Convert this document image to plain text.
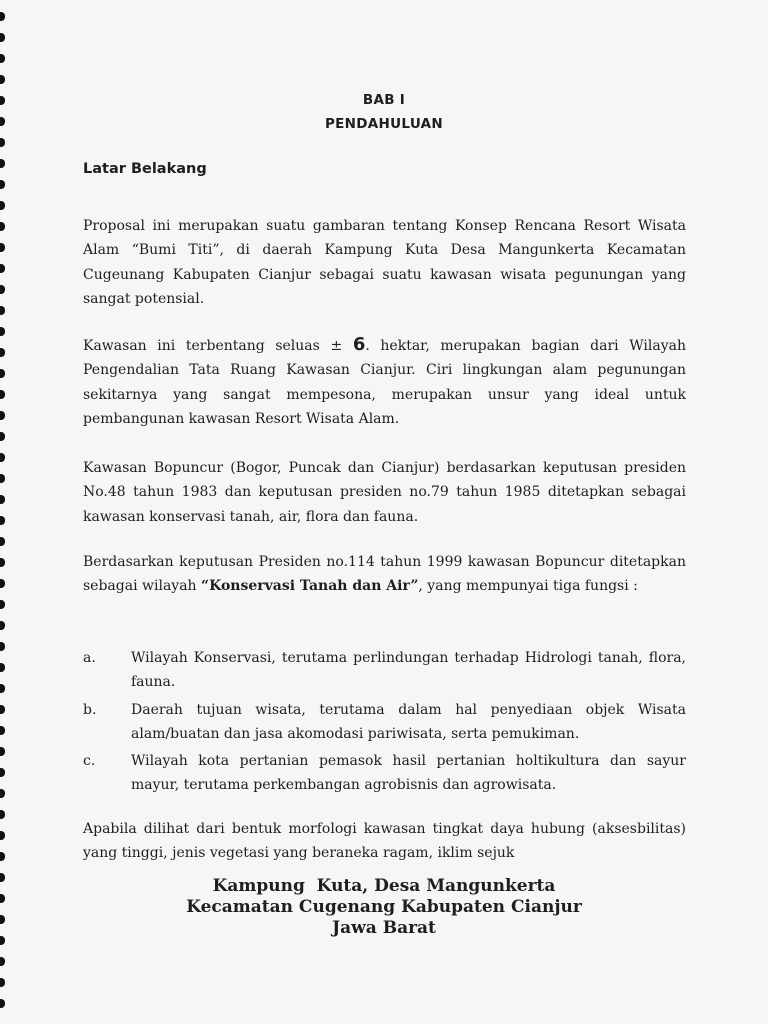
BAB I
PENDAHULUAN
Latar Belakang

Proposal ini merupakan suatu gambaran tentang Konsep Rencana Resort Wisata Alam “Bumi Titi”, di daerah Kampung Kuta Desa Mangunkerta Kecamatan Cugeunang Kabupaten Cianjur sebagai suatu kawasan wisata pegunungan yang sangat potensial.

Kawasan ini terbentang seluas ± 6. hektar, merupakan bagian dari Wilayah Pengendalian Tata Ruang Kawasan Cianjur. Ciri lingkungan alam pegunungan sekitarnya yang sangat mempesona, merupakan unsur yang ideal untuk pembangunan kawasan Resort Wisata Alam.

Kawasan Bopuncur (Bogor, Puncak dan Cianjur) berdasarkan keputusan presiden No.48 tahun 1983 dan keputusan presiden no.79 tahun 1985 ditetapkan sebagai kawasan konservasi tanah, air, flora dan fauna.

Berdasarkan keputusan Presiden no.114 tahun 1999 kawasan Bopuncur ditetapkan sebagai wilayah “Konservasi Tanah dan Air”, yang mempunyai tiga fungsi :

a.	Wilayah Konservasi, terutama perlindungan terhadap Hidrologi tanah, flora, fauna.
b.	Daerah tujuan wisata, terutama dalam hal penyediaan objek Wisata alam/buatan dan jasa akomodasi pariwisata, serta pemukiman.
c.	Wilayah kota pertanian pemasok hasil pertanian holtikultura dan sayur mayur, terutama perkembangan agrobisnis dan agrowisata.

Apabila dilihat dari bentuk morfologi kawasan tingkat daya hubung (aksesbilitas) yang tinggi, jenis vegetasi yang beraneka ragam, iklim sejuk

Kampung  Kuta, Desa Mangunkerta
Kecamatan Cugenang Kabupaten Cianjur
Jawa Barat
